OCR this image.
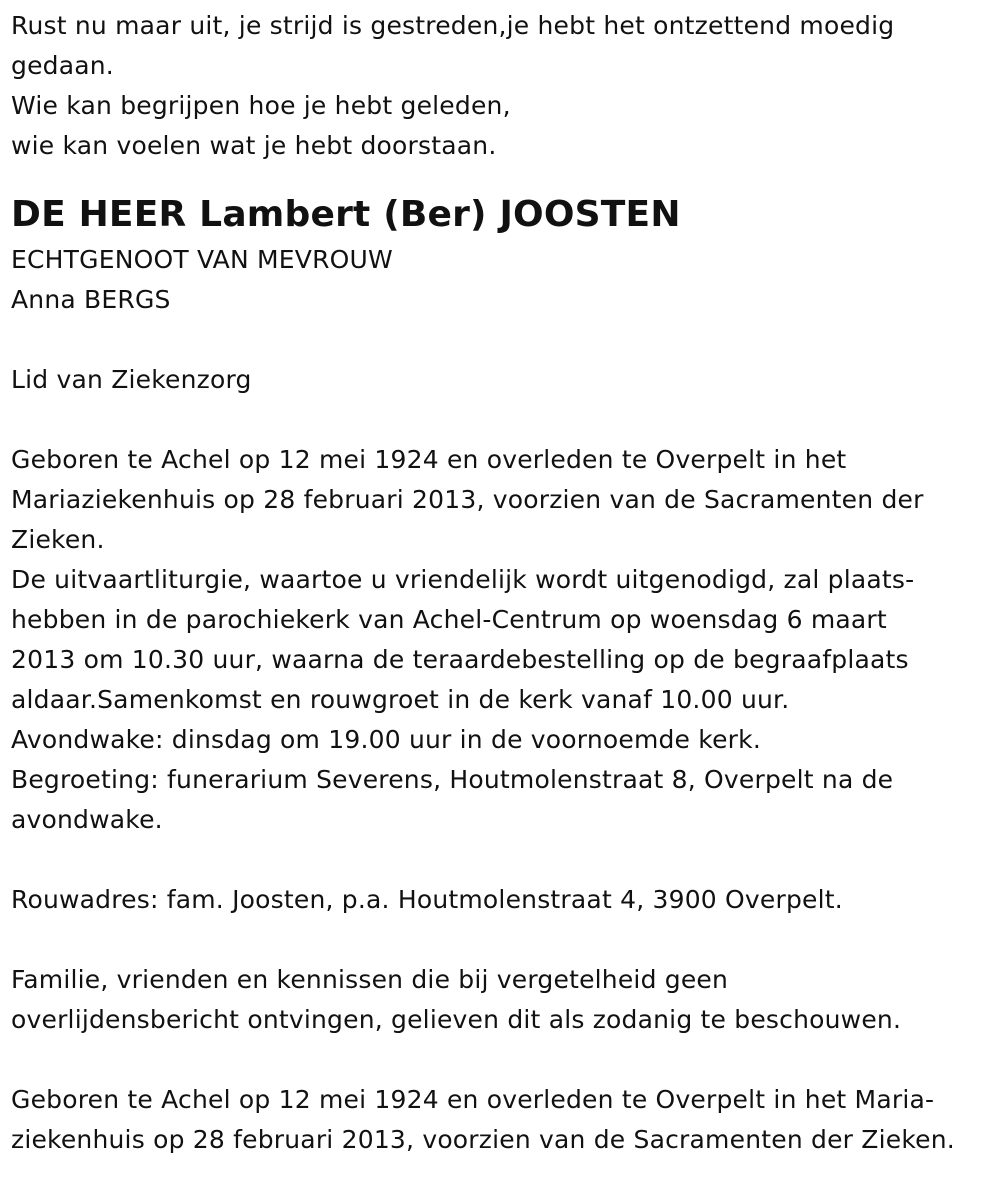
Rust nu maar uit, je strijd is gestreden,je hebt het ontzettend moedig

gedaan.

Wie kan begrijpen hoe je hebt geleden,

wie kan voelen wat je hebt doorstaan.

DE HEER Lambert (Ber) JOOSTEN

ECHTGENOOT VAN MEVROUW

Anna BERGS

Lid van Ziekenzorg

Geboren te Achel op 12 mei 1924 en overleden te Overpelt in het

Mariaziekenhuis op 28 februari 2013, voorzien van de Sacramenten der

Zieken.

De uitvaartliturgie, waartoe u vriendelijk wordt uitgenodigd, zal plaats-

hebben in de parochiekerk van Achel-Centrum op woensdag 6 maart

2013 om 10.30 uur, waarna de teraardebestelling op de begraafplaats

aldaar.Samenkomst en rouwgroet in de kerk vanaf 10.00 uur.

Avondwake: dinsdag om 19.00 uur in de voornoemde kerk.

Begroeting: funerarium Severens, Houtmolenstraat 8, Overpelt na de

avondwake.

Rouwadres: fam. Joosten, p.a. Houtmolenstraat 4, 3900 Overpelt.

Familie, vrienden en kennissen die bij vergetelheid geen

overlijdensbericht ontvingen, gelieven dit als zodanig te beschouwen.

Geboren te Achel op 12 mei 1924 en overleden te Overpelt in het Maria-

ziekenhuis op 28 februari 2013, voorzien van de Sacramenten der Zieken.
